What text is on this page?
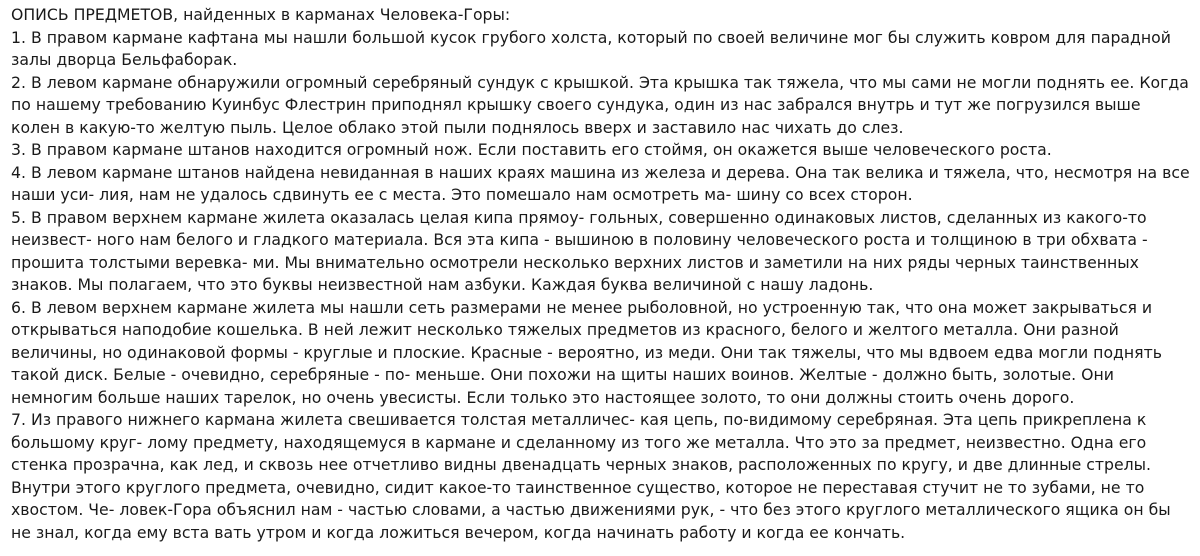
ОПИСЬ ПРЕДМЕТОВ, найденных в карманах Человека-Горы:

1. В правом кармане кафтана мы нашли большой кусок грубого холста, который по своей величине мог бы служить ковром для парадной залы дворца Бельфаборак.

2. В левом кармане обнаружили огромный серебряный сундук с крышкой. Эта крышка так тяжела, что мы сами не могли поднять ее. Когда по нашему требованию Куинбус Флестрин приподнял крышку своего сундука, один из нас забрался внутрь и тут же погрузился выше колен в какую-то желтую пыль. Целое облако этой пыли поднялось вверх и заставило нас чихать до слез.

3. В правом кармане штанов находится огромный нож. Если поставить его стоймя, он окажется выше человеческого роста.

4. В левом кармане штанов найдена невиданная в наших краях машина из железа и дерева. Она так велика и тяжела, что, несмотря на все наши уси- лия, нам не удалось сдвинуть ее с места. Это помешало нам осмотреть ма- шину со всех сторон.

5. В правом верхнем кармане жилета оказалась целая кипа прямоу- гольных, совершенно одинаковых листов, сделанных из какого-то неизвест- ного нам белого и гладкого материала. Вся эта кипа - вышиною в половину человеческого роста и толщиною в три обхвата - прошита толстыми веревка- ми. Мы внимательно осмотрели несколько верхних листов и заметили на них ряды черных таинственных знаков. Мы полагаем, что это буквы неизвестной нам азбуки. Каждая буква величиной с нашу ладонь.

6. В левом верхнем кармане жилета мы нашли сеть размерами не менее рыболовной, но устроенную так, что она может закрываться и открываться наподобие кошелька. В ней лежит несколько тяжелых предметов из красного, белого и желтого металла. Они разной величины, но одинаковой формы - круглые и плоские. Красные - вероятно, из меди. Они так тяжелы, что мы вдвоем едва могли поднять такой диск. Белые - очевидно, серебряные - по- меньше. Они похожи на щиты наших воинов. Желтые - должно быть, золотые. Они немногим больше наших тарелок, но очень увесисты. Если только это настоящее золото, то они должны стоить очень дорого.

7. Из правого нижнего кармана жилета свешивается толстая металличес- кая цепь, по-видимому серебряная. Эта цепь прикреплена к большому круг- лому предмету, находящемуся в кармане и сделанному из того же металла. Что это за предмет, неизвестно. Одна его стенка прозрачна, как лед, и сквозь нее отчетливо видны двенадцать черных знаков, расположенных по кругу, и две длинные стрелы. Внутри этого круглого предмета, очевидно, сидит какое-то таинственное существо, которое не переставая стучит не то зубами, не то хвостом. Че- ловек-Гора объяснил нам - частью словами, а частью движениями рук, - что без этого круглого металлического ящика он бы не знал, когда ему вста вать утром и когда ложиться вечером, когда начинать работу и когда ее кончать.
